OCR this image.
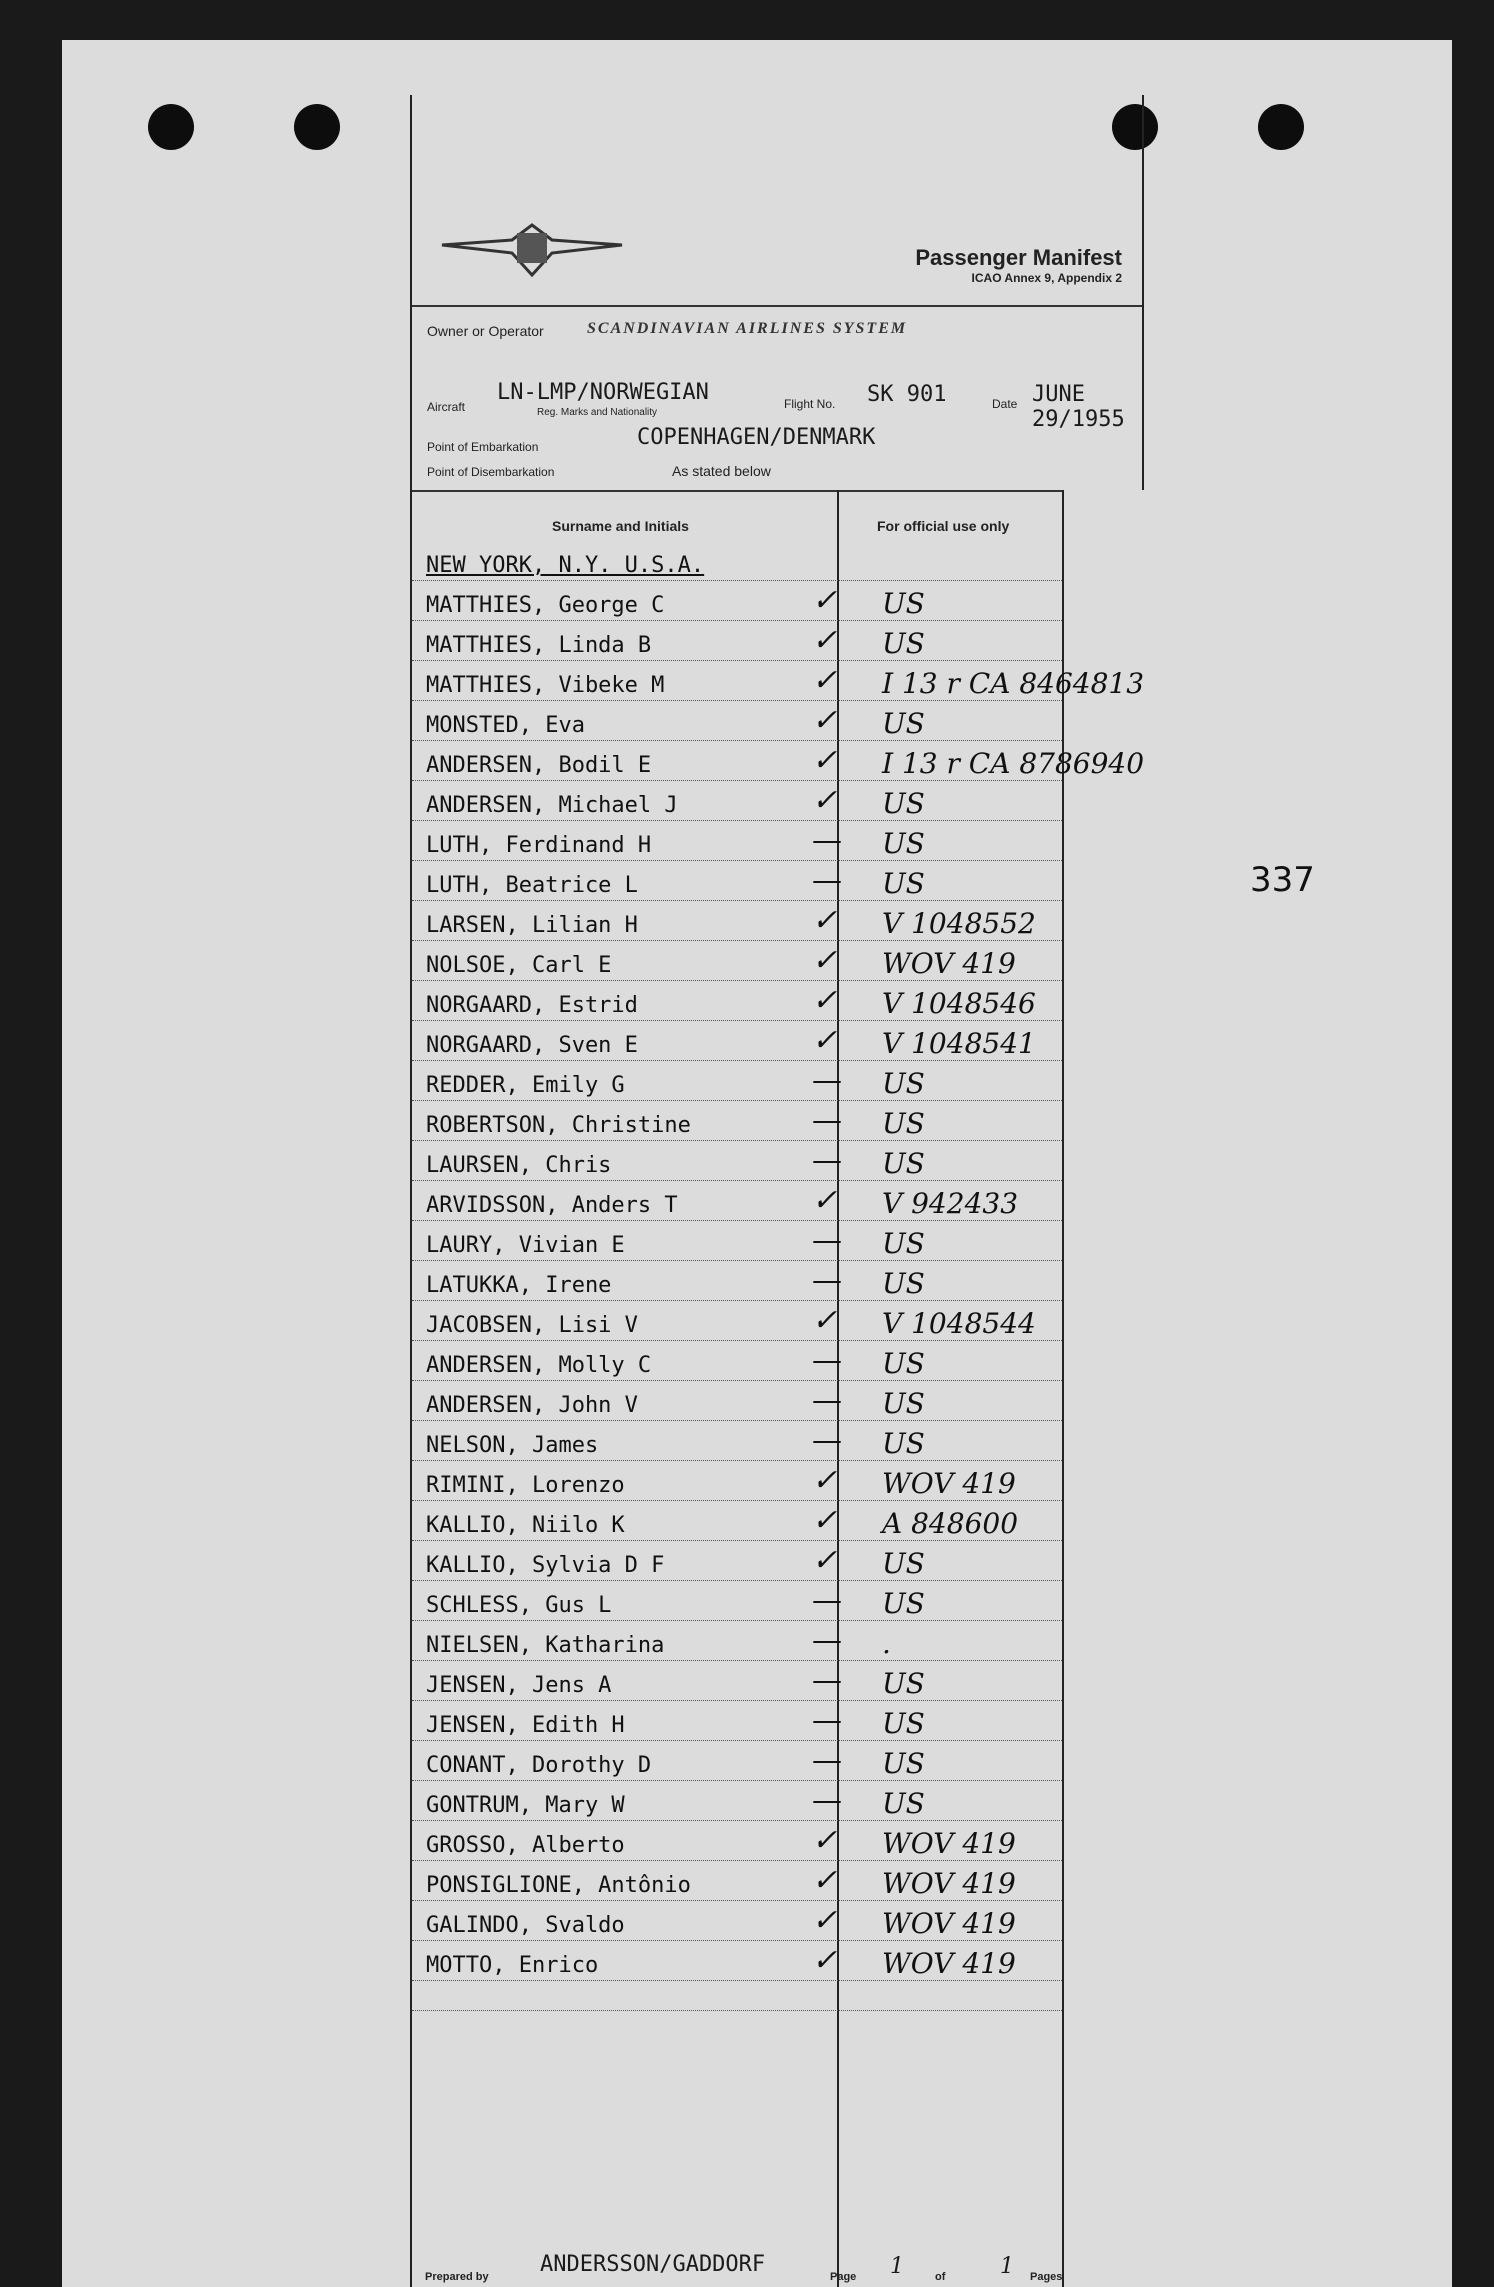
Passenger Manifest
ICAO Annex 9, Appendix 2
Owner or Operator	SCANDINAVIAN AIRLINES SYSTEM
Aircraft
LN-LMP/NORWEGIAN
Reg. Marks and Nationality
Flight No. SK 901	Date JUNE
29/1955
Point of Embarkation	COPENHAGEN/DENMARK
Point of Disembarkation	As stated below
Surname and Initials	For official use only
NEW YORK, N.Y. U.S.A.
MATTHIES, George C	✓ US
MATTHIES, Linda B	✓ US
MATTHIES, Vibeke M	✓ I 13 r CA 8464813
MONSTED, Eva	✓ US
ANDERSEN, Bodil E	✓ I 13 r CA 8786940
ANDERSEN, Michael J	✓ US
LUTH, Ferdinand H	— US
LUTH, Beatrice L	— US
LARSEN, Lilian H	✓ V 1048552
NOLSOE, Carl E	✓ WOV 419
NORGAARD, Estrid	✓ V 1048546
NORGAARD, Sven E	✓ V 1048541
REDDER, Emily G	— US
ROBERTSON, Christine	— US
LAURSEN, Chris	— US
ARVIDSSON, Anders T	✓ V 942433
LAURY, Vivian E	— US
LATUKKA, Irene	— US
JACOBSEN, Lisi V	✓ V 1048544
ANDERSEN, Molly C	— US
ANDERSEN, John V	— US
NELSON, James	— US
RIMINI, Lorenzo	✓ WOV 419
KALLIO, Niilo K	✓ A 848600
KALLIO, Sylvia D F	✓ US
SCHLESS, Gus L	— US
NIELSEN, Katharina	— .
JENSEN, Jens A	— US
JENSEN, Edith H	— US
CONANT, Dorothy D	— US
GONTRUM, Mary W	— US
GROSSO, Alberto	✓ WOV 419
PONSIGLIONE, Antônio	✓ WOV 419
GALINDO, Svaldo	✓ WOV 419
MOTTO, Enrico	✓ WOV 419
Prepared by ANDERSSON/GADDORF	Page 1	of 1 Pages
337
